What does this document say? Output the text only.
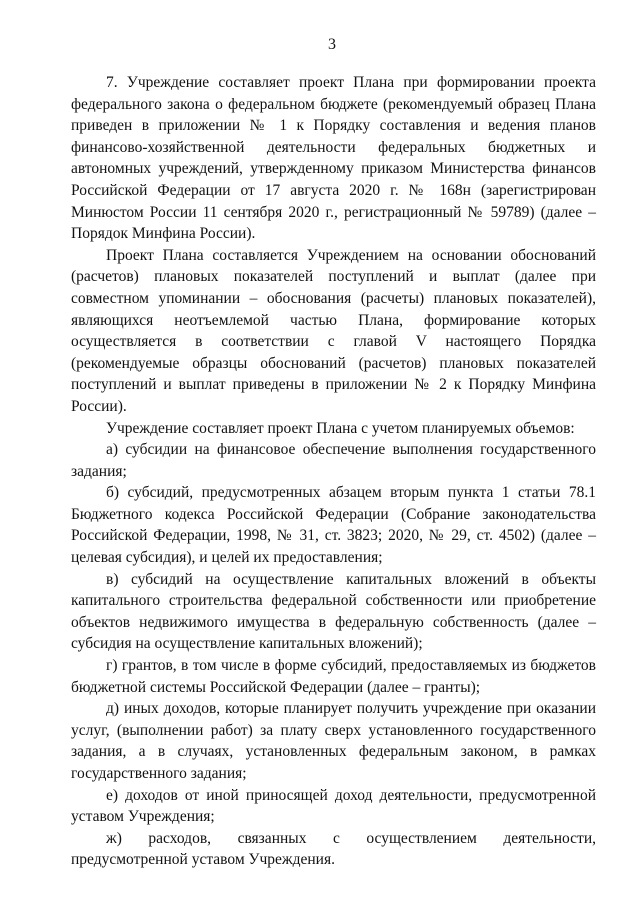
3

7. Учреждение составляет проект Плана при формировании проекта федерального закона о федеральном бюджете (рекомендуемый образец Плана приведен в приложении № 1 к Порядку составления и ведения планов финансово-хозяйственной деятельности федеральных бюджетных и автономных учреждений, утвержденному приказом Министерства финансов Российской Федерации от 17 августа 2020 г. № 168н (зарегистрирован Минюстом России 11 сентября 2020 г., регистрационный № 59789) (далее – Порядок Минфина России).

Проект Плана составляется Учреждением на основании обоснований (расчетов) плановых показателей поступлений и выплат (далее при совместном упоминании – обоснования (расчеты) плановых показателей), являющихся неотъемлемой частью Плана, формирование которых осуществляется в соответствии с главой V настоящего Порядка (рекомендуемые образцы обоснований (расчетов) плановых показателей поступлений и выплат приведены в приложении № 2 к Порядку Минфина России).

Учреждение составляет проект Плана с учетом планируемых объемов:

а) субсидии на финансовое обеспечение выполнения государственного задания;

б) субсидий, предусмотренных абзацем вторым пункта 1 статьи 78.1 Бюджетного кодекса Российской Федерации (Собрание законодательства Российской Федерации, 1998, № 31, ст. 3823; 2020, № 29, ст. 4502) (далее – целевая субсидия), и целей их предоставления;

в) субсидий на осуществление капитальных вложений в объекты капитального строительства федеральной собственности или приобретение объектов недвижимого имущества в федеральную собственность (далее – субсидия на осуществление капитальных вложений);

г) грантов, в том числе в форме субсидий, предоставляемых из бюджетов бюджетной системы Российской Федерации (далее – гранты);

д) иных доходов, которые планирует получить учреждение при оказании услуг, (выполнении работ) за плату сверх установленного государственного задания, а в случаях, установленных федеральным законом, в рамках государственного задания;

е) доходов от иной приносящей доход деятельности, предусмотренной уставом Учреждения;

ж) расходов, связанных с осуществлением деятельности, предусмотренной уставом Учреждения.
